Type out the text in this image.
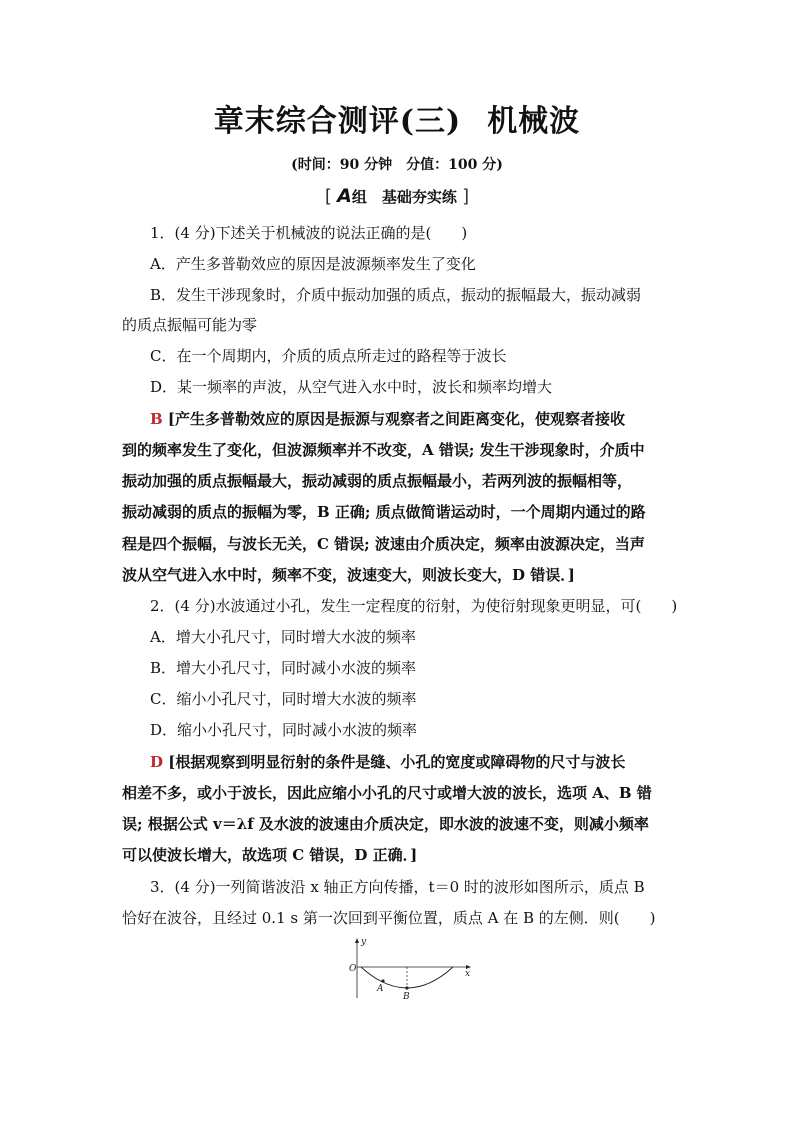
章末综合测评(三) 机械波
(时间：90 分钟　分值：100 分)
[ A组　基础夯实练 ]
1．(4 分)下述关于机械波的说法正确的是(　　)
A．产生多普勒效应的原因是波源频率发生了变化
B．发生干涉现象时，介质中振动加强的质点，振动的振幅最大，振动减弱
的质点振幅可能为零
C．在一个周期内，介质的质点所走过的路程等于波长
D．某一频率的声波，从空气进入水中时，波长和频率均增大
B [产生多普勒效应的原因是振源与观察者之间距离变化，使观察者接收
到的频率发生了变化，但波源频率并不改变，A 错误; 发生干涉现象时，介质中
振动加强的质点振幅最大，振动减弱的质点振幅最小，若两列波的振幅相等，
振动减弱的质点的振幅为零，B 正确; 质点做简谐运动时，一个周期内通过的路
程是四个振幅，与波长无关，C 错误; 波速由介质决定，频率由波源决定，当声
波从空气进入水中时，频率不变，波速变大，则波长变大，D 错误．]
2．(4 分)水波通过小孔，发生一定程度的衍射，为使衍射现象更明显，可(　　)
A．增大小孔尺寸，同时增大水波的频率
B．增大小孔尺寸，同时减小水波的频率
C．缩小小孔尺寸，同时增大水波的频率
D．缩小小孔尺寸，同时减小水波的频率
D [根据观察到明显衍射的条件是缝、小孔的宽度或障碍物的尺寸与波长
相差不多，或小于波长，因此应缩小小孔的尺寸或增大波的波长，选项 A、B 错
误; 根据公式 v＝λf 及水波的波速由介质决定，即水波的波速不变，则减小频率
可以使波长增大，故选项 C 错误，D 正确．]
3．(4 分)一列简谐波沿 x 轴正方向传播，t＝0 时的波形如图所示，质点 B
恰好在波谷，且经过 0.1 s 第一次回到平衡位置，质点 A 在 B 的左侧．则(　　)
y
O	x
A
B
